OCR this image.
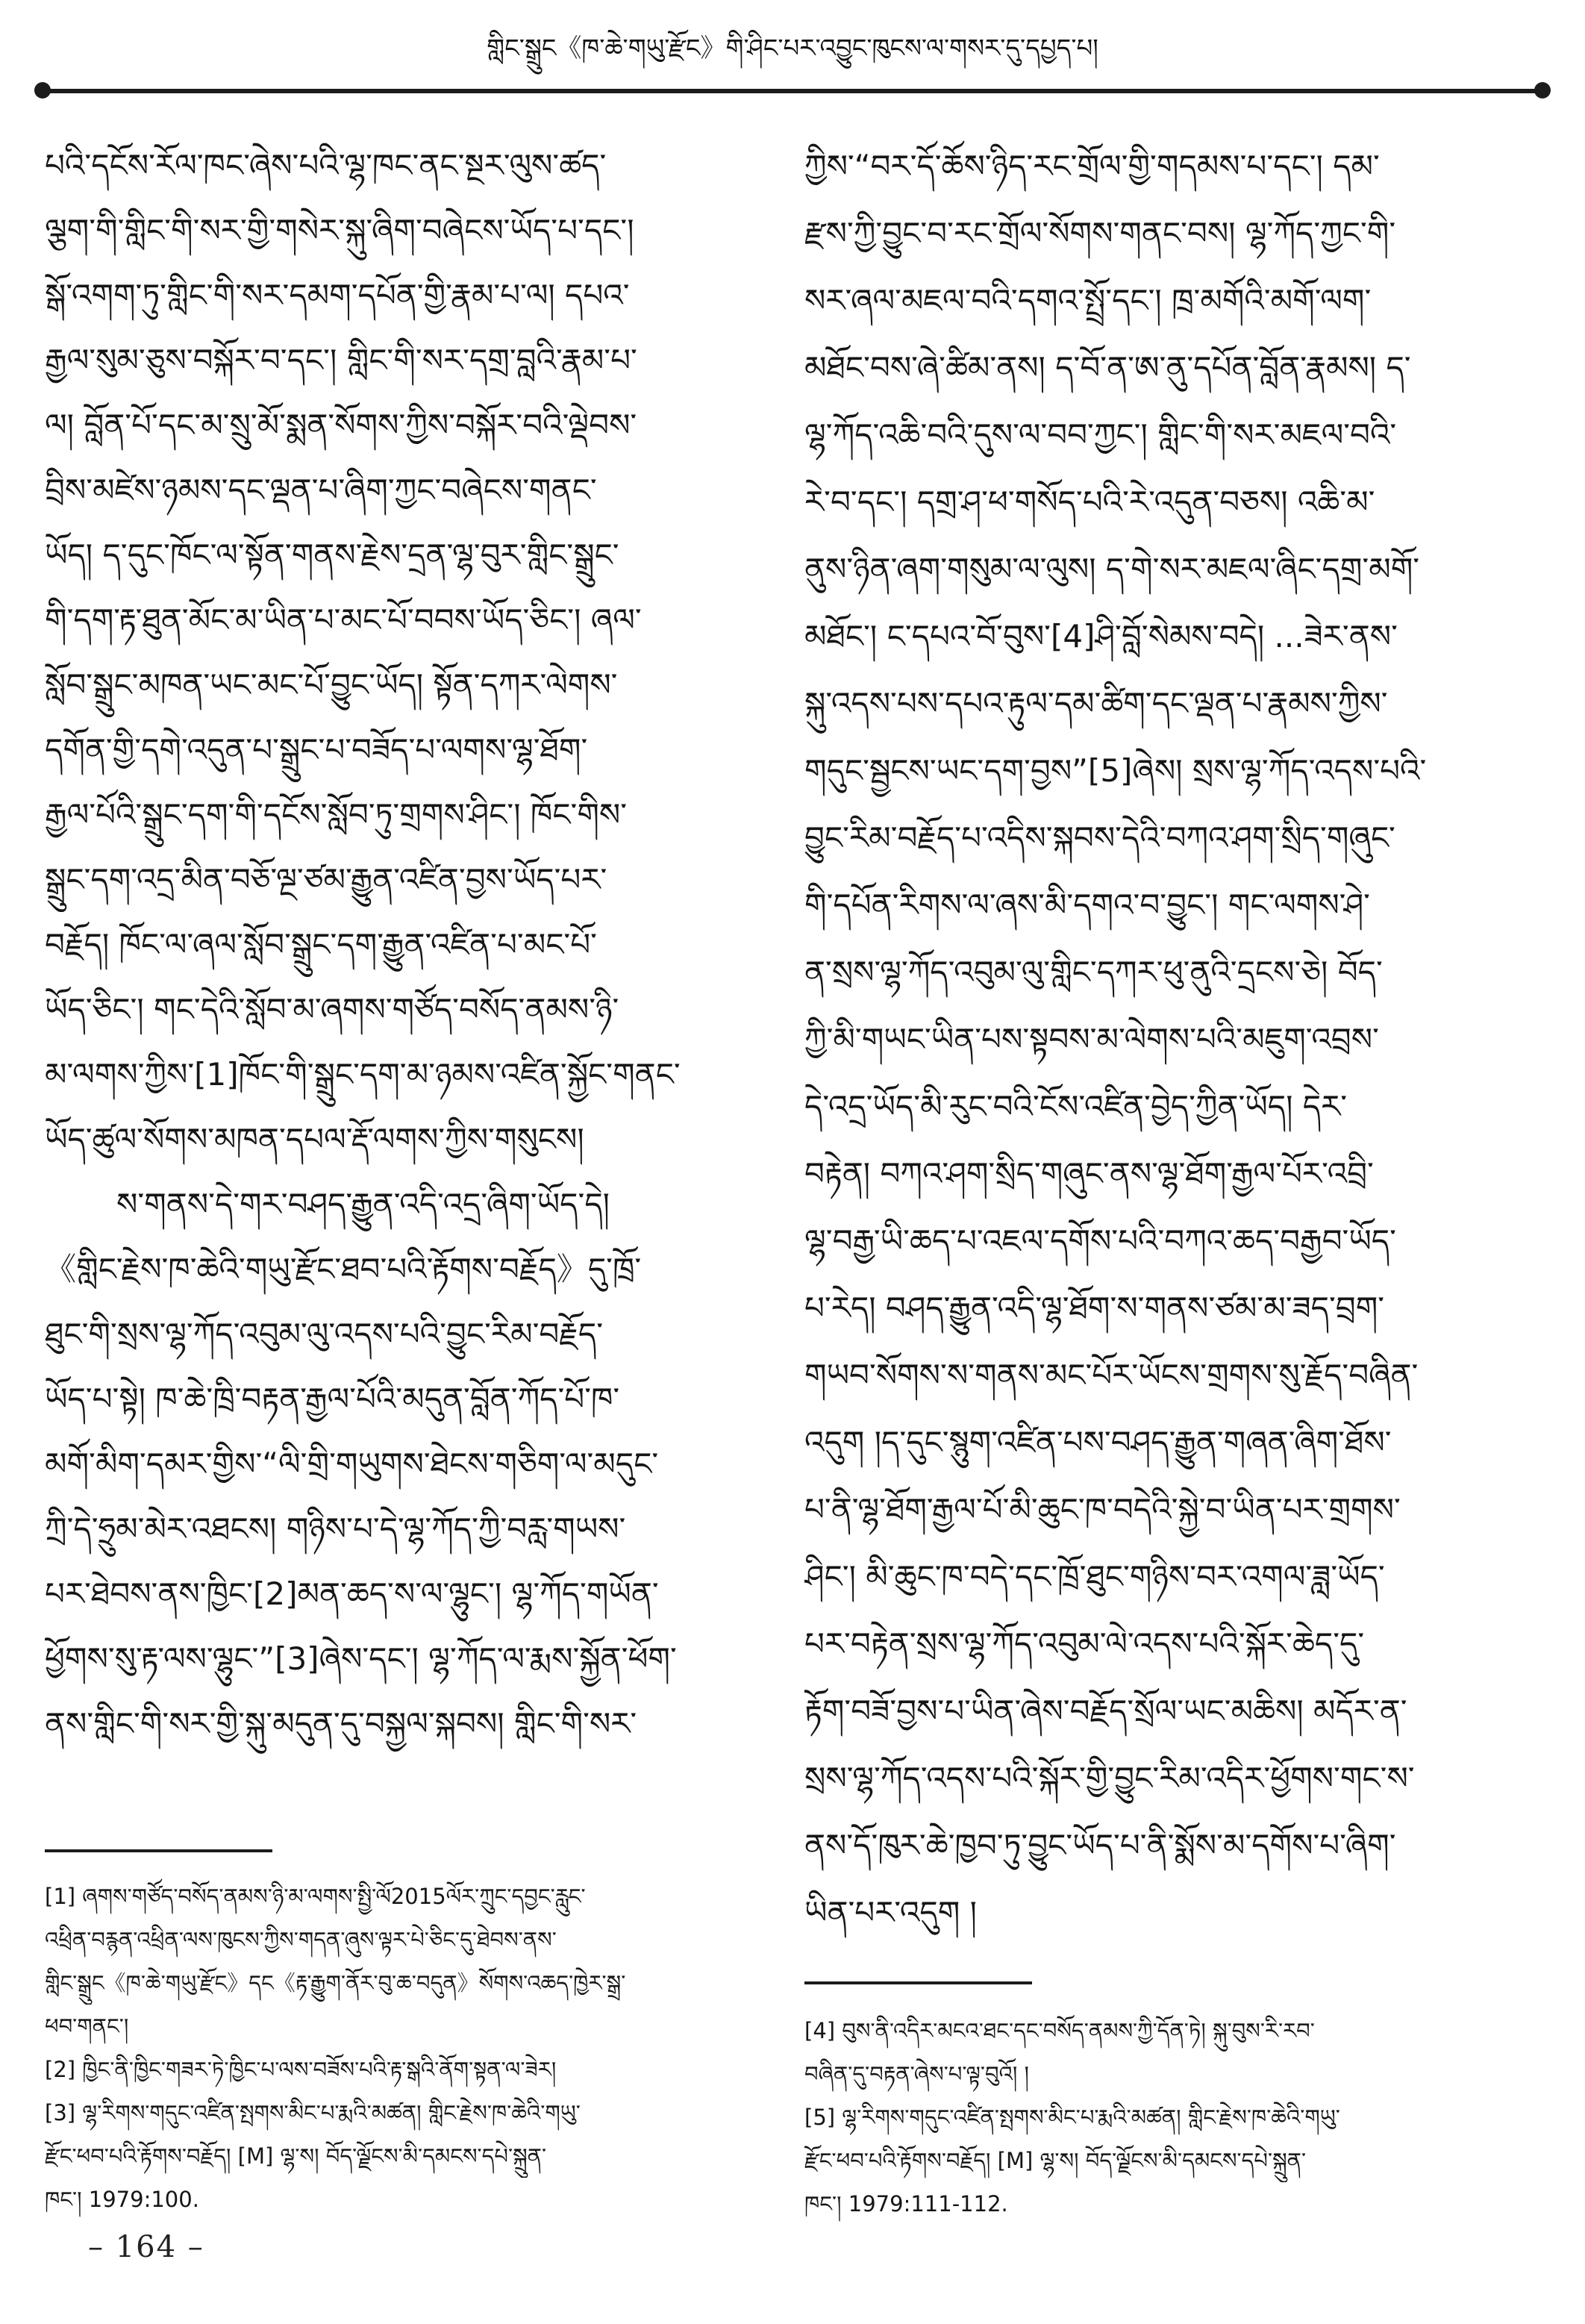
གླིང་སྒྲུང《ཁ་ཆེ་གཡུ་རྫོང》གི་ཤིང་པར་འབྱུང་ཁུངས་ལ་གསར་དུ་དཔྱད་པ།
པའི་དངོས་རོལ་ཁང་ཞེས་པའི་ལྷ་ཁང་ནང་སྔར་ལུས་ཚད་
ལྕག་གི་གླིང་གི་སར་གྱི་གསེར་སྐུ་ཞིག་བཞེངས་ཡོད་པ་དང་།
སྒོ་འགག་ཏུ་གླིང་གི་སར་དམག་དཔོན་གྱི་རྣམ་པ་ལ། དཔའ་
རྒྱལ་སུམ་ཅུས་བསྐོར་བ་དང་། གླིང་གི་སར་དགྲ་བླའི་རྣམ་པ་
ལ། བློན་པོ་དང་མ་སྲུ་མོ་སྨན་སོགས་ཀྱིས་བསྐོར་བའི་ལྡེབས་
བྲིས་མཛེས་ཉམས་དང་ལྡན་པ་ཞིག་ཀྱང་བཞེངས་གནང་
ཡོད། ད་དུང་ཁོང་ལ་སྟོན་གནས་རྗེས་དྲན་ལྷ་བུར་གླིང་སྒྲུང་
གི་དག་རྟ་ཐུན་མོང་མ་ཡིན་པ་མང་པོ་བབས་ཡོད་ཅིང་། ཞལ་
སློབ་སྒྲུང་མཁན་ཡང་མང་པོ་བྱུང་ཡོད། སྟོན་དཀར་ལེགས་
དགོན་གྱི་དགེ་འདུན་པ་སྒྲུང་པ་བཟོད་པ་ལགས་ལྷ་ཐོག་
རྒྱལ་པོའི་སྒྲུང་དག་གི་དངོས་སློབ་ཏུ་གྲགས་ཤིང་། ཁོང་གིས་
སྒྲུང་དག་འདྲ་མིན་བཅོ་ལྔ་ཙམ་རྒྱུན་འཛིན་བྱས་ཡོད་པར་
བརྗོད། ཁོང་ལ་ཞལ་སློབ་སྒྲུང་དག་རྒྱུན་འཛིན་པ་མང་པོ་
ཡོད་ཅིང་། གང་དེའི་སློབ་མ་ཞགས་གཙོད་བསོད་ནམས་ཉི་
མ་ལགས་ཀྱིས་[1]ཁོང་གི་སྒྲུང་དག་མ་ཉམས་འཛིན་སྐྱོང་གནང་
ཡོད་ཚུལ་སོགས་མཁན་དཔལ་རྡོ་ལགས་ཀྱིས་གསུངས།
ས་གནས་དེ་གར་བཤད་རྒྱུན་འདི་འདྲ་ཞིག་ཡོད་དེ།
《གླིང་རྗེས་ཁ་ཆེའི་གཡུ་རྫོང་ཐབ་པའི་རྟོགས་བརྗོད》དུ་ཁྲོ་
ཐུང་གི་སྲས་ལྷ་ཀོད་འབུམ་ལུ་འདས་པའི་བྱུང་རིམ་བརྗོད་
ཡོད་པ་སྟེ། ཁ་ཆེ་ཁྲི་བརྟན་རྒྱལ་པོའི་མདུན་བློན་ཀོད་པོ་ཁ་
མགོ་མིག་དམར་གྱིས་“ལི་གྲི་གཡུགས་ཐེངས་གཅིག་ལ་མདུང་
ཀྲི་དེ་ཧྲུམ་མེར་འཐངས། གཉིས་པ་དེ་ལྷ་ཀོད་ཀྱི་བརླ་གཡས་
པར་ཐེབས་ནས་ཁྱིང་[2]མན་ཆད་ས་ལ་ལྷུང་། ལྷ་ཀོད་གཡོན་
ཕྱོགས་སུ་རྟ་ལས་ལྷུང་”[3]ཞེས་དང་། ལྷ་ཀོད་ལ་རྨས་སྐྱོན་ཕོག་
ནས་གླིང་གི་སར་གྱི་སྐུ་མདུན་དུ་བསྐྱལ་སྐབས། གླིང་གི་སར་
ཀྱིས་“བར་དོ་ཆོས་ཉིད་རང་གྲོལ་གྱི་གདམས་པ་དང་། དམ་
རྫས་ཀྱི་བྱུང་བ་རང་གྲོལ་སོགས་གནང་བས། ལྷ་ཀོད་ཀྱང་གི་
སར་ཞལ་མཇལ་བའི་དགའ་སྤྲོ་དང་། ཁྲ་མགོའི་མགོ་ལག་
མཐོང་བས་ཞེ་ཚིམ་ནས། ད་བོ་ན་ཨ་ནུ་དཔོན་བློན་རྣམས། ད་
ལྷ་ཀོད་འཆི་བའི་དུས་ལ་བབ་ཀྱང་། གླིང་གི་སར་མཇལ་བའི་
རེ་བ་དང་། དགྲ་ཤ་ཕ་གསོད་པའི་རེ་འདུན་བཅས། འཆི་མ་
ནུས་ཉིན་ཞག་གསུམ་ལ་ལུས། ད་གེ་སར་མཇལ་ཞིང་དགྲ་མགོ་
མཐོང་། ང་དཔའ་བོ་བུས་[4]ཤི་བློ་སེམས་བདེ། ...ཟེར་ནས་
སྐུ་འདས་པས་དཔའ་རྟུལ་དམ་ཚིག་དང་ལྡན་པ་རྣམས་ཀྱིས་
གདུང་སྦྱངས་ཡང་དག་བྱས”[5]ཞེས། སྲས་ལྷ་ཀོད་འདས་པའི་
བྱུང་རིམ་བརྗོད་པ་འདིས་སྐབས་དེའི་བཀའ་ཤག་སྲིད་གཞུང་
གི་དཔོན་རིགས་ལ་ཞས་མི་དགའ་བ་བྱུང་། གང་ལགས་ཤེ་
ན་སྲས་ལྷ་ཀོད་འབུམ་ལུ་གླིང་དཀར་ཕུ་ནུའི་དྲངས་ཅེ། བོད་
ཀྱི་མི་གཡང་ཡིན་པས་སྟབས་མ་ལེགས་པའི་མཇུག་འབྲས་
དེ་འདྲ་ཡོད་མི་རུང་བའི་ངོས་འཛིན་བྱེད་ཀྱིན་ཡོད། དེར་
བརྟེན། བཀའ་ཤག་སྲིད་གཞུང་ནས་ལྷ་ཐོག་རྒྱལ་པོར་འབྲི་
ལྷ་བརྒྱ་ཡི་ཆད་པ་འཇལ་དགོས་པའི་བཀའ་ཆད་བརྒྱབ་ཡོད་
པ་རེད། བཤད་རྒྱུན་འདི་ལྷ་ཐོག་ས་གནས་ཙམ་མ་ཟད་བྲག་
གཡབ་སོགས་ས་གནས་མང་པོར་ཡོངས་གྲགས་སུ་རྗོད་བཞིན་
འདུག །ད་དུང་སྙུག་འཛིན་པས་བཤད་རྒྱུན་གཞན་ཞིག་ཐོས་
པ་ནི་ལྷ་ཐོག་རྒྱལ་པོ་མི་ཆུང་ཁ་བདེའི་སྐྱེ་བ་ཡིན་པར་གྲགས་
ཤིང་། མི་ཆུང་ཁ་བདེ་དང་ཁྲོ་ཐུང་གཉིས་བར་འགལ་ཟླ་ཡོད་
པར་བརྟེན་སྲས་ལྷ་ཀོད་འབུམ་ལེ་འདས་པའི་སྐོར་ཆེད་དུ་
རྟོག་བཟོ་བྱས་པ་ཡིན་ཞེས་བརྗོད་སྲོལ་ཡང་མཆིས། མདོར་ན་
སྲས་ལྷ་ཀོད་འདས་པའི་སྐོར་གྱི་བྱུང་རིམ་འདིར་ཕྱོགས་གང་ས་
ནས་དོ་ཁུར་ཆེ་ཁྱབ་ཏུ་བྱུང་ཡོད་པ་ནི་སྨོས་མ་དགོས་པ་ཞིག་
ཡིན་པར་འདུག །
[1] ཞགས་གཙོད་བསོད་ནམས་ཉི་མ་ལགས་སྤྱི་ལོ2015ལོར་ཀྲུང་དབྱང་རླུང་
འཕྲིན་བརྙན་འཕྲིན་ལས་ཁུངས་ཀྱིས་གདན་ཞུས་ལྟར་པེ་ཅིང་དུ་ཐེབས་ནས་
གླིང་སྒྲུང《ཁ་ཆེ་གཡུ་རྫོང》དང《རྟ་རྒྱུག་ནོར་བུ་ཆ་བདུན》སོགས་འཆད་ཁྱེར་སྒྲ་
ཕབ་གནང་།
[2] ཁྱིང་ནི་ཁྱིང་གཟར་ཏེ་ཁྱིང་པ་ལས་བཟོས་པའི་རྟ་སྒའི་ནོག་སྟན་ལ་ཟེར།
[3] ལྷ་རིགས་གདུང་འཛིན་སྤགས་མིང་པ་རྨའི་མཚན། གླིང་རྗེས་ཁ་ཆེའི་གཡུ་
རྫོང་ཕབ་པའི་རྟོགས་བརྗོད། [M] ལྷ་ས། བོད་ལྗོངས་མི་དམངས་དཔེ་སྐྲུན་
ཁང་། 1979:100.
[4] བུས་ནི་འདིར་མངའ་ཐང་དང་བསོད་ནམས་ཀྱི་དོན་ཏེ། སྐུ་བུས་རི་རབ་
བཞིན་དུ་བརྟན་ཞེས་པ་ལྟ་བུའོ། །
[5] ལྷ་རིགས་གདུང་འཛིན་སྤགས་མིང་པ་རྨའི་མཚན། གླིང་རྗེས་ཁ་ཆེའི་གཡུ་
རྫོང་ཕབ་པའི་རྟོགས་བརྗོད། [M] ལྷ་ས། བོད་ལྗོངས་མི་དམངས་དཔེ་སྐྲུན་
ཁང་། 1979:111-112.
– 164 –
